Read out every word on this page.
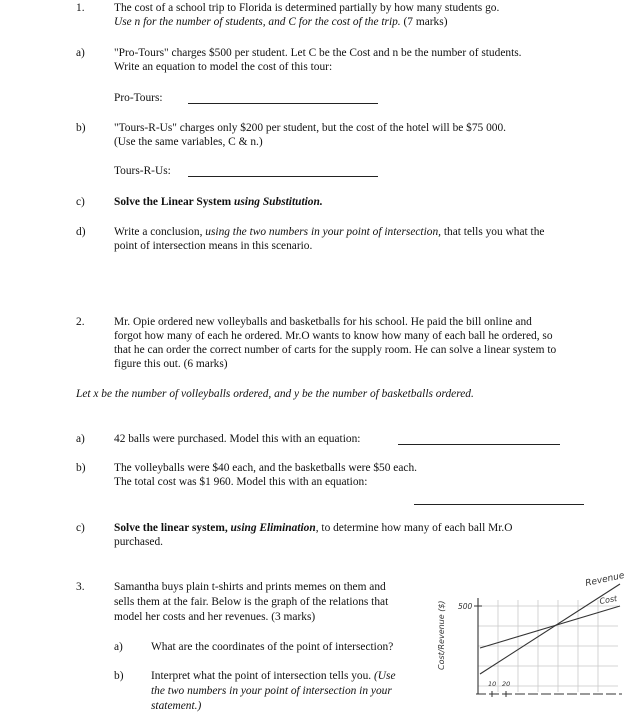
1.	The cost of a school trip to Florida is determined partially by how many students go.
Use n for the number of students, and C for the cost of the trip. (7 marks)
a)	"Pro-Tours" charges $500 per student. Let C be the Cost and n be the number of students.
Write an equation to model the cost of this tour:
Pro-Tours:
b)	"Tours-R-Us" charges only $200 per student, but the cost of the hotel will be $75 000.
(Use the same variables, C & n.)
Tours-R-Us:
c)	Solve the Linear System using Substitution.
d)	Write a conclusion, using the two numbers in your point of intersection, that tells you what the
point of intersection means in this scenario.
2.	Mr. Opie ordered new volleyballs and basketballs for his school. He paid the bill online and
forgot how many of each he ordered. Mr.O wants to know how many of each ball he ordered, so
that he can order the correct number of carts for the supply room. He can solve a linear system to
figure this out. (6 marks)
Let x be the number of volleyballs ordered, and y be the number of basketballs ordered.
a)	42 balls were purchased. Model this with an equation:
b)	The volleyballs were $40 each, and the basketballs were $50 each.
The total cost was $1 960. Model this with an equation:
c)	Solve the linear system, using Elimination, to determine how many of each ball Mr.O
purchased.
3.	Samantha buys plain t-shirts and prints memes on them and
sells them at the fair. Below is the graph of the relations that
model her costs and her revenues. (3 marks)
a) What are the coordinates of the point of intersection?
b) Interpret what the point of intersection tells you. (Use
the two numbers in your point of intersection in your
statement.)
Cost/Revenue ($) 500
10 20
Revenue
Cost
